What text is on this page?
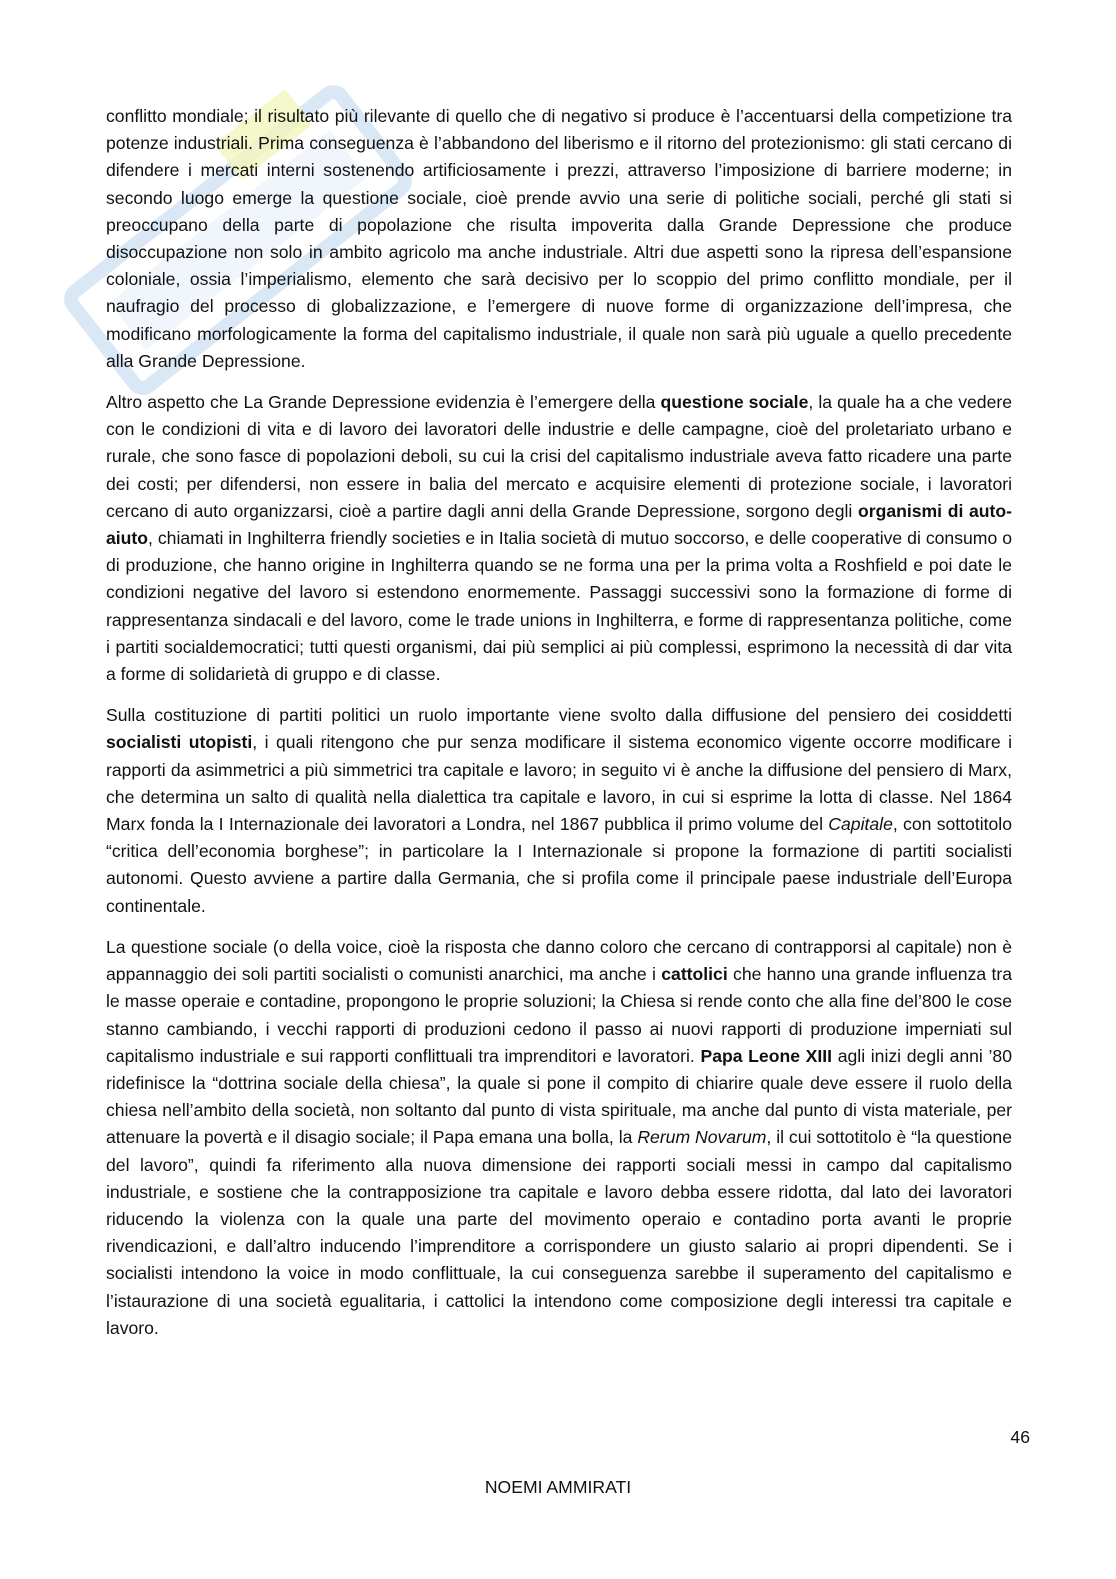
conflitto mondiale; il risultato più rilevante di quello che di negativo si produce è l’accentuarsi della competizione tra potenze industriali. Prima conseguenza è l’abbandono del liberismo e il ritorno del protezionismo: gli stati cercano di difendere i mercati interni sostenendo artificiosamente i prezzi, attraverso l’imposizione di barriere moderne; in secondo luogo emerge la questione sociale, cioè prende avvio una serie di politiche sociali, perché gli stati si preoccupano della parte di popolazione che risulta impoverita dalla Grande Depressione che produce disoccupazione non solo in ambito agricolo ma anche industriale. Altri due aspetti sono la ripresa dell’espansione coloniale, ossia l’imperialismo, elemento che sarà decisivo per lo scoppio del primo conflitto mondiale, per il naufragio del processo di globalizzazione, e l’emergere di nuove forme di organizzazione dell’impresa, che modificano morfologicamente la forma del capitalismo industriale, il quale non sarà più uguale a quello precedente alla Grande Depressione.

Altro aspetto che La Grande Depressione evidenzia è l’emergere della questione sociale, la quale ha a che vedere con le condizioni di vita e di lavoro dei lavoratori delle industrie e delle campagne, cioè del proletariato urbano e rurale, che sono fasce di popolazioni deboli, su cui la crisi del capitalismo industriale aveva fatto ricadere una parte dei costi; per difendersi, non essere in balia del mercato e acquisire elementi di protezione sociale, i lavoratori cercano di auto organizzarsi, cioè a partire dagli anni della Grande Depressione, sorgono degli organismi di auto-aiuto, chiamati in Inghilterra friendly societies e in Italia società di mutuo soccorso, e delle cooperative di consumo o di produzione, che hanno origine in Inghilterra quando se ne forma una per la prima volta a Roshfield e poi date le condizioni negative del lavoro si estendono enormemente. Passaggi successivi sono la formazione di forme di rappresentanza sindacali e del lavoro, come le trade unions in Inghilterra, e forme di rappresentanza politiche, come i partiti socialdemocratici; tutti questi organismi, dai più semplici ai più complessi, esprimono la necessità di dar vita a forme di solidarietà di gruppo e di classe.

Sulla costituzione di partiti politici un ruolo importante viene svolto dalla diffusione del pensiero dei cosiddetti socialisti utopisti, i quali ritengono che pur senza modificare il sistema economico vigente occorre modificare i rapporti da asimmetrici a più simmetrici tra capitale e lavoro; in seguito vi è anche la diffusione del pensiero di Marx, che determina un salto di qualità nella dialettica tra capitale e lavoro, in cui si esprime la lotta di classe. Nel 1864 Marx fonda la I Internazionale dei lavoratori a Londra, nel 1867 pubblica il primo volume del Capitale, con sottotitolo “critica dell’economia borghese”; in particolare la I Internazionale si propone la formazione di partiti socialisti autonomi. Questo avviene a partire dalla Germania, che si profila come il principale paese industriale dell’Europa continentale.

La questione sociale (o della voice, cioè la risposta che danno coloro che cercano di contrapporsi al capitale) non è appannaggio dei soli partiti socialisti o comunisti anarchici, ma anche i cattolici che hanno una grande influenza tra le masse operaie e contadine, propongono le proprie soluzioni; la Chiesa si rende conto che alla fine del’800 le cose stanno cambiando, i vecchi rapporti di produzioni cedono il passo ai nuovi rapporti di produzione imperniati sul capitalismo industriale e sui rapporti conflittuali tra imprenditori e lavoratori. Papa Leone XIII agli inizi degli anni ’80 ridefinisce la “dottrina sociale della chiesa”, la quale si pone il compito di chiarire quale deve essere il ruolo della chiesa nell’ambito della società, non soltanto dal punto di vista spirituale, ma anche dal punto di vista materiale, per attenuare la povertà e il disagio sociale; il Papa emana una bolla, la Rerum Novarum, il cui sottotitolo è “la questione del lavoro”, quindi fa riferimento alla nuova dimensione dei rapporti sociali messi in campo dal capitalismo industriale, e sostiene che la contrapposizione tra capitale e lavoro debba essere ridotta, dal lato dei lavoratori riducendo la violenza con la quale una parte del movimento operaio e contadino porta avanti le proprie rivendicazioni, e dall’altro inducendo l’imprenditore a corrispondere un giusto salario ai propri dipendenti. Se i socialisti intendono la voice in modo conflittuale, la cui conseguenza sarebbe il superamento del capitalismo e l’istaurazione di una società egualitaria, i cattolici la intendono come composizione degli interessi tra capitale e lavoro.

46
NOEMI AMMIRATI
